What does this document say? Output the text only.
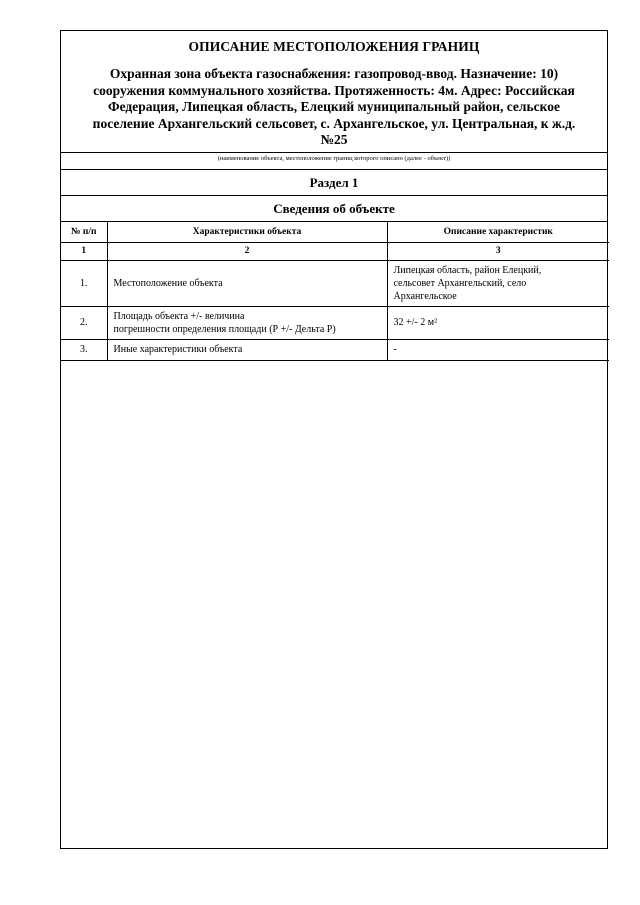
ОПИСАНИЕ МЕСТОПОЛОЖЕНИЯ ГРАНИЦ
Охранная зона объекта газоснабжения: газопровод-ввод. Назначение: 10)
сооружения коммунального хозяйства. Протяженность: 4м. Адрес: Российская
Федерация, Липецкая область, Елецкий муниципальный район, сельское
поселение Архангельский сельсовет, с. Архангельское, ул. Центральная, к ж.д.
№25
(наименование объекта, местоположение границ которого описано (далее - объект))
Раздел 1
Сведения об объекте
№ п/п	Характеристики объекта	Описание характеристик
1	2	3
1.	Местоположение объекта	Липецкая область, район Елецкий,
сельсовет Архангельский, село
Архангельское

2.	Площадь объекта +/- величина
погрешности определения площади (Р +/- Дельта Р)	32 +/- 2 м²
3.	Иные характеристики объекта	-
